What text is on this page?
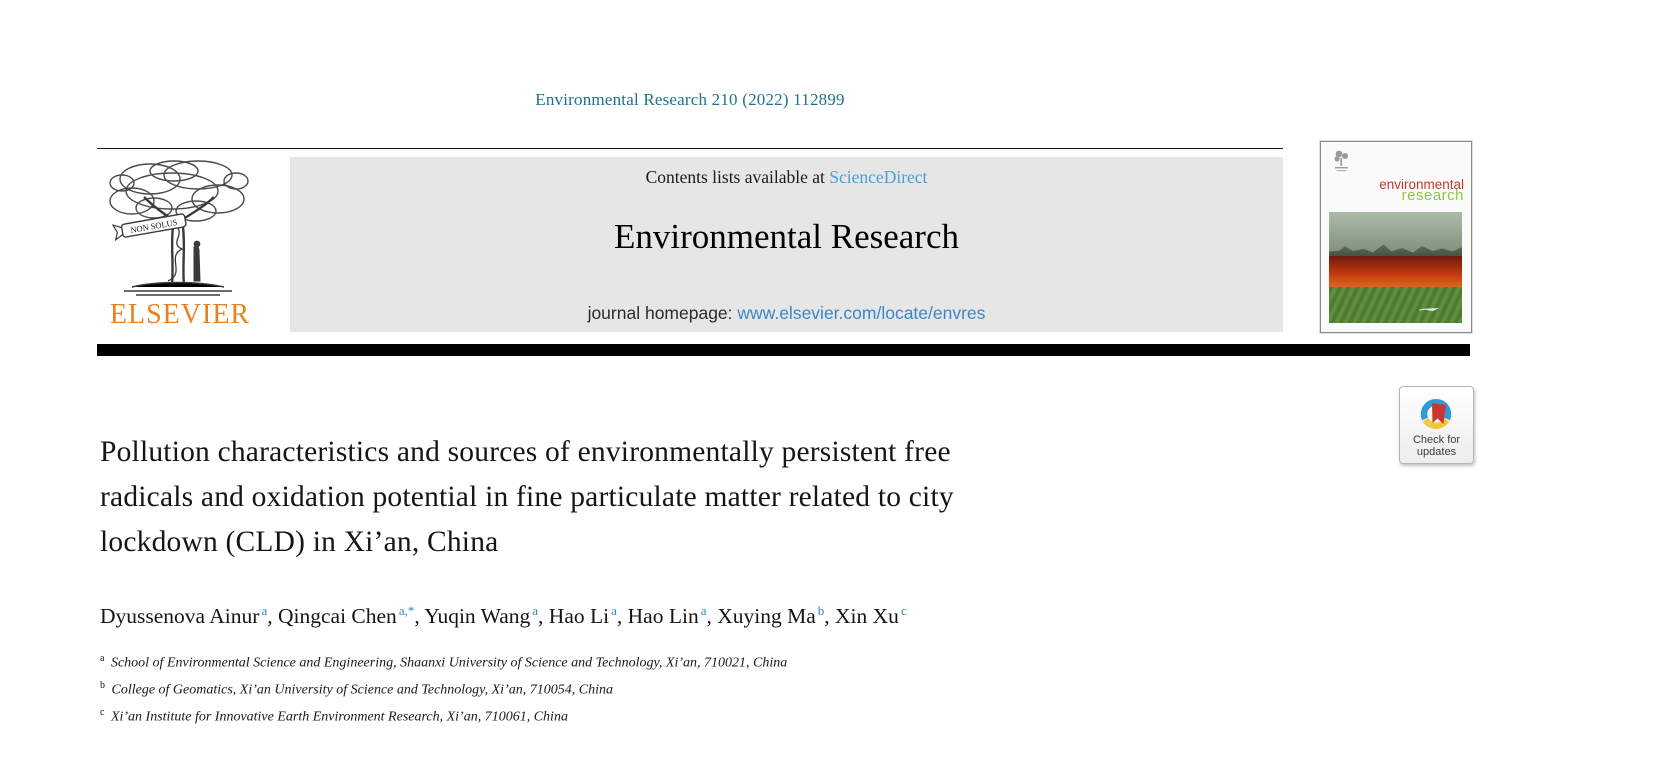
Environmental Research 210 (2022) 112899
NON SOLUS
ELSEVIER
Contents lists available at ScienceDirect
Environmental Research
journal homepage: www.elsevier.com/locate/envres
environmental
research
Check for
updates
Pollution characteristics and sources of environmentally persistent free
radicals and oxidation potential in fine particulate matter related to city
lockdown (CLD) in Xi’an, China
Dyussenova Ainur $^a$, Qingcai Chen $^{a,*}$, Yuqin Wang $^a$, Hao Li $^a$, Hao Lin $^a$, Xuying Ma $^b$, Xin Xu $^c$
$^a$ School of Environmental Science and Engineering, Shaanxi University of Science and Technology, Xi’an, 710021, China
$^b$ College of Geomatics, Xi’an University of Science and Technology, Xi’an, 710054, China
$^c$ Xi’an Institute for Innovative Earth Environment Research, Xi’an, 710061, China
